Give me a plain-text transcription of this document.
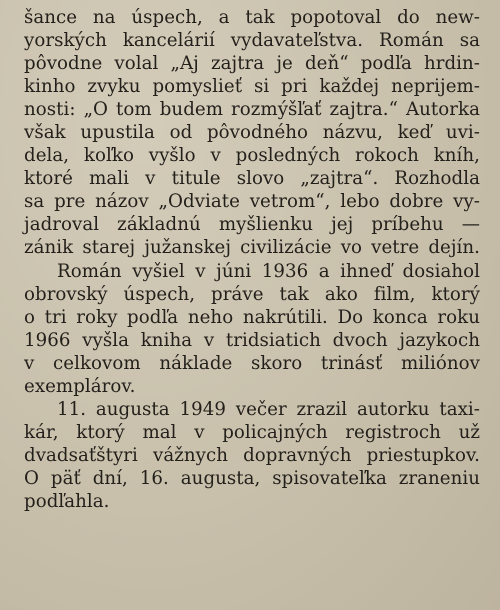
šance na úspech, a tak popotoval do new-
yorských kancelárií vydavateľstva. Román sa
pôvodne volal „Aj zajtra je deň“ podľa hrdin-
kinho zvyku pomyslieť si pri každej neprijem-
nosti: „O tom budem rozmýšľať zajtra.“ Autorka
však upustila od pôvodného názvu, keď uvi-
dela, koľko vyšlo v posledných rokoch kníh,
ktoré mali v titule slovo „zajtra“. Rozhodla
sa pre názov „Odviate vetrom“, lebo dobre vy-
jadroval základnú myšlienku jej príbehu —
zánik starej južanskej civilizácie vo vetre dejín.
Román vyšiel v júni 1936 a ihneď dosiahol
obrovský úspech, práve tak ako film, ktorý
o tri roky podľa neho nakrútili. Do konca roku
1966 vyšla kniha v tridsiatich dvoch jazykoch
v celkovom náklade skoro trinásť miliónov
exemplárov.
11. augusta 1949 večer zrazil autorku taxi-
kár, ktorý mal v policajných registroch už
dvadsaťštyri vážnych dopravných priestupkov.
O päť dní, 16. augusta, spisovateľka zraneniu
podľahla.
